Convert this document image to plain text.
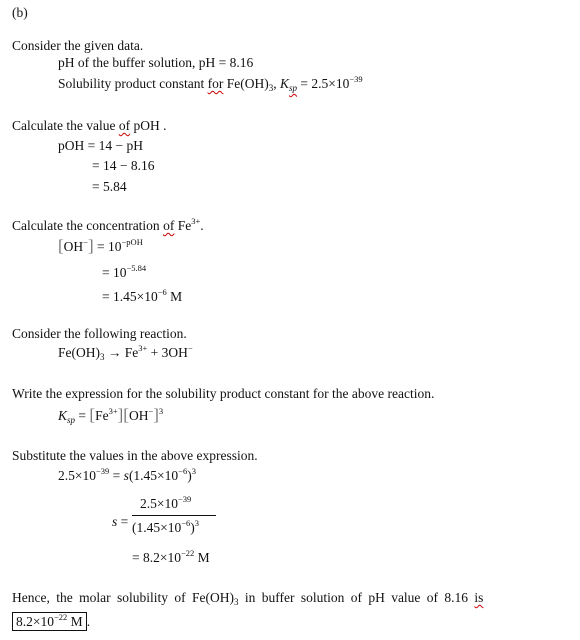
(b)
Consider the given data.
pH of the buffer solution, pH = 8.16
Solubility product constant for $Fe(OH)_3$, $K_{sp} = 2.5\times 10^{-39}$
Calculate the value of pOH .
pOH = 14 − pH
= 14 − 8.16
= 5.84
Calculate the concentration of $Fe^{3+}$.
$[OH^-] = 10^{-pOH}$
= $10^{-5.84}$
= $1.45\times 10^{-6}$ M
Consider the following reaction.
$Fe(OH)_3 \to Fe^{3+} + 3OH^-$
Write the expression for the solubility product constant for the above reaction.
$K_{sp} = [Fe^{3+}][OH^-]^3$
Substitute the values in the above expression.
$2.5\times 10^{-39} = s(1.45\times 10^{-6})^3$
s =
$2.5\times 10^{-39}$
$(1.45\times 10^{-6})^3$
= $8.2\times 10^{-22}$ M
Hence, the molar solubility of $Fe(OH)_3$ in buffer solution of pH value of 8.16 is
$8.2\times 10^{-22}$ M .
